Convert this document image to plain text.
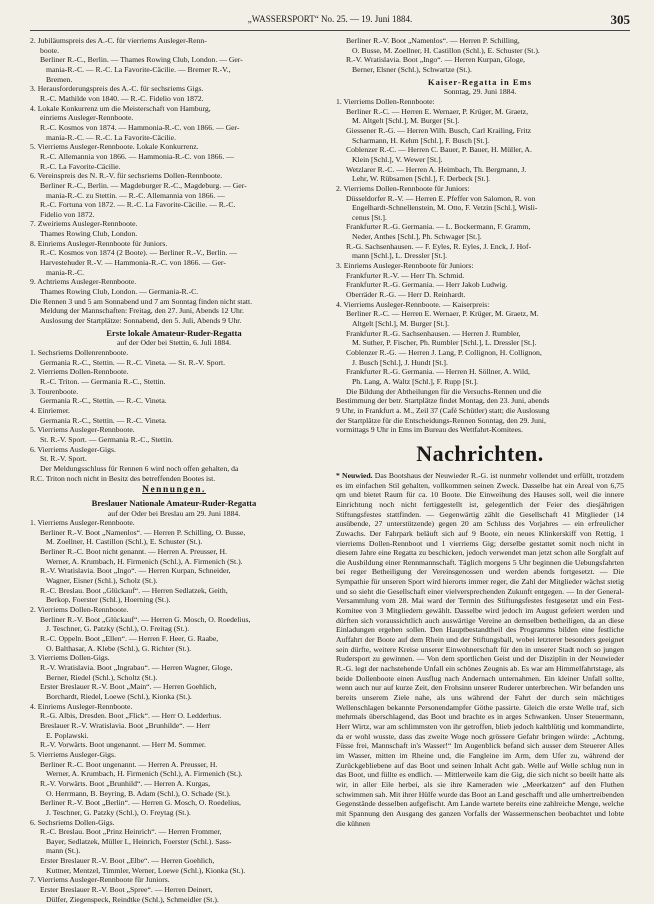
„WASSERSPORT“ No. 25. — 19. Juni 1884.	305

2. Jubiläumspreis des A.-C. für vierriems Ausleger-Renn-

boote.

Berliner R.-C., Berlin. — Thames Rowing Club, London. — Ger-

mania-R.-C. — R.-C. La Favorite-Cäcilie. — Bremer R.-V.,

Bremen.

3. Herausforderungspreis des A.-C. für sechsriems Gigs.

R.-C. Mathilde von 1840. — R.-C. Fidelio von 1872.

4. Lokale Konkurrenz um die Meisterschaft von Hamburg,

einriems Ausleger-Rennboote.

R.-C. Kosmos von 1874. — Hammonia-R.-C. von 1866. — Ger-

mania-R.-C. — R.-C. La Favorite-Cäcilie.

5. Vierriems Ausleger-Rennboote. Lokale Konkurrenz.

R.-C. Allemannia von 1866. — Hammonia-R.-C. von 1866. —

R.-C. La Favorite-Cäcilie.

6. Vereinspreis des N. R.-V. für sechsriems Dollen-Rennboote.

Berliner R.-C., Berlin. — Magdeburger R.-C., Magdeburg. — Ger-

mania-R.-C. zu Stettin. — R.-C. Allemannia von 1866. —

R.-C. Fortuna von 1872. — R.-C. La Favorite-Cäcilie. — R.-C.

Fidelio von 1872.

7. Zweiriems Ausleger-Rennboote.

Thames Rowing Club, London.

8. Einriems Ausleger-Rennboote für Juniors.

R.-C. Kosmos von 1874 (2 Boote). — Berliner R.-V., Berlin. —

Harvestehuder R.-V. — Hammonia-R.-C. von 1866. — Ger-

mania-R.-C.

9. Achtriems Ausleger-Rennboote.

Thames Rowing Club, London. — Germania-R.-C.

Die Rennen 3 und 5 am Sonnabend und 7 am Sonntag finden nicht statt.

Meldung der Mannschaften: Freitag, den 27. Juni, Abends 12 Uhr.

Auslosung der Startplätze: Sonnabend, den 5. Juli, Abends 9 Uhr.

Erste lokale Amateur-Ruder-Regatta

auf der Oder bei Stettin, 6. Juli 1884.

1. Sechsriems Dollenrennboote.

Germania R.-C., Stettin. — R.-C. Vineta. — St. R.-V. Sport.

2. Vierriems Dollen-Rennboote.

R.-C. Triton. — Germania R.-C., Stettin.

3. Tourenboote.

Germania R.-C., Stettin. — R.-C. Vineta.

4. Einriemer.

Germania R.-C., Stettin. — R.-C. Vineta.

5. Vierriems Ausleger-Rennboote.

St. R.-V. Sport. — Germania R.-C., Stettin.

6. Vierriems Ausleger-Gigs.

St. R.-V. Sport.

Der Meldungsschluss für Rennen 6 wird noch offen gehalten, da

R.C. Triton noch nicht in Besitz des betreffenden Bootes ist.

Nennungen.

Breslauer Nationale Amateur-Ruder-Regatta

auf der Oder bei Breslau am 29. Juni 1884.

1. Vierriems Ausleger-Rennboote.

Berliner R.-V. Boot „Namenlos“. — Herren P. Schilling, O. Busse,

M. Zoellner, H. Castillon (Schl.), E. Schuster (St.).

Berliner R.-C. Boot nicht genannt. — Herren A. Preusser, H.

Werner, A. Krumbach, H. Firmenich (Schl.), A. Firmenich (St.).

R.-V. Wratislavia. Boot „Ingo“. — Herren Kurpan, Schneider,

Wagner, Eisner (Schl.), Scholz (St.).

R.-C. Breslau. Boot „Glückauf“. — Herren Sedlatzek, Geith,

Berkop, Foerster (Schl.), Hoerning (St.).

2. Vierriems Dollen-Rennboote.

Berliner R.-V. Boot „Glückauf“. — Herren G. Mosch, O. Roedelius,

J. Teschner, G. Patzky (Schl.), O. Freitag (St.).

R.-C. Oppeln. Boot „Ellen“. — Herren F. Heer, G. Raabe,

O. Balthasar, A. Klebe (Schl.), G. Richter (St.).

3. Vierriems Dollen-Gigs.

R.-V. Wratislavia. Boot „Ingrabau“. — Herren Wagner, Gloge,

Berner, Riedel (Schl.), Scholtz (St.).

Erster Breslauer R.-V. Boot „Main“. — Herren Goehlich,

Borchardt, Riedel, Loewe (Schl.), Kionka (St.).

4. Einriems Ausleger-Rennboote.

R.-G. Albis, Dresden. Boot „Flick“. — Herr O. Ledderhus.

Breslauer R.-V. Wratislavia. Boot „Brunhilde“. — Herr

E. Poplawski.

R.-V. Vorwärts. Boot ungenannt. — Herr M. Sommer.

5. Vierriems Ausleger-Gigs.

Berliner R.-C. Boot ungenannt. — Herren A. Preusser, H.

Werner, A. Krumbach, H. Firmenich (Schl.), A. Firmenich (St.).

R.-V. Vorwärts. Boot „Brunhild“. — Herren A. Kurgas,

O. Herrmann, B. Beyring, B. Adam (Schl.), O. Schade (St.).

Berliner R.-V. Boot „Berlin“. — Herren G. Mosch, O. Roedelius,

J. Teschner, G. Patzky (Schl.), O. Freytag (St.).

6. Sechsriems Dollen-Gigs.

R.-C. Breslau. Boot „Prinz Heinrich“. — Herren Frommer,

Bayer, Sedlatzek, Müller I., Heinrich, Foerster (Schl.). Sass-

mann (St.).

Erster Breslauer R.-V. Boot „Elbe“. — Herren Goehlich,

Kuttner, Mentzel, Timmler, Werner, Loewe (Schl.), Kionka (St.).

7. Vierriems Ausleger-Rennboote für Juniors.

Erster Breslauer R.-V. Boot „Spree“. — Herren Deinert,

Dülfer, Ziegenspeck, Reindtke (Schl.), Schmeidler (St.).

Berliner R.-V. Boot „Namenlos“. — Herren P. Schilling,

O. Busse, M. Zoellner, H. Castillon (Schl.), E. Schuster (St.).

R.-V. Wratislavia. Boot „Ingo“. — Herren Kurpan, Gloge,

Berner, Elsner (Schl.), Schwartze (St.).

Kaiser-Regatta in Ems

Sonntag, 29. Juni 1884.

1. Vierriems Dollen-Rennboote:

Berliner R.-C. — Herren E. Wernaer, P. Krüger, M. Graetz,

M. Altgelt [Schl.], M. Burger [St.].

Giessener R.-G. — Herren Wilh. Busch, Carl Krailing, Fritz

Scharmann, H. Kehm [Schl.], F. Busch [St.].

Coblenzer R.-C. — Herren C. Bauer, P. Bauer, H. Müller, A.

Klein [Schl.], V. Wewer [St.].

Wetzlarer R.-C. — Herren A. Heimbach, Th. Bergmann, J.

Lehr, W. Rübsamen [Schl.], F. Derbeck [St.].

2. Vierriems Dollen-Rennboote für Juniors:

Düsseldorfer R.-V. — Herren E. Pfeffer von Salomon, R. von

Engelhardt-Schnellenstein, M. Otto, F. Vetzin [Schl.], Wisli-

cenus [St.].

Frankfurter R.-G. Germania. — L. Bockermann, F. Gramm,

Neder, Anthes [Schl.], Ph. Schwager [St.].

R.-G. Sachsenhausen. — F. Eyles, R. Eyles, J. Enck, J. Hof-

mann [Schl.], L. Dressler [St.].

3. Einriems Ausleger-Rennboote für Juniors:

Frankfurter R.-V. — Herr Th. Schmid.

Frankfurter R.-G. Germania. — Herr Jakob Ludwig.

Oberräder R.-G. — Herr D. Reinhardt.

4. Vierriems Ausleger-Rennboote. — Kaiserpreis:

Berliner R.-C. — Herren E. Wernaer, P. Krüger, M. Graetz, M.

Altgelt [Schl.], M. Burger [St.].

Frankfurter R.-G. Sachsenhausen. — Herren J. Rumbler,

M. Suther, P. Fischer, Ph. Rumbler [Schl.], L. Dressler [St.].

Coblenzer R.-G. — Herren J. Lang, P. Collignon, H. Collignon,

J. Busch [Schl.], J. Hundt [St.].

Frankfurter R.-G. Germania. — Herren H. Söllner, A. Wild,

Ph. Lang, A. Waltz [Schl.], F. Rupp [St.].

Die Bildung der Abtheilungen für die Versuchs-Rennen und die

Bestimmung der betr. Startplätze findet Montag, den 23. Juni, abends

9 Uhr, in Frankfurt a. M., Zeil 37 (Café Schütler) statt; die Auslosung

der Startplätze für die Entscheidungs-Rennen Sonntag, den 29. Juni,

vormittags 9 Uhr in Ems im Bureau des Wettfahrt-Komitees.

Nachrichten.

* Neuwied. Das Bootshaus der Neuwieder R.-G. ist nunmehr vollendet und erfüllt, trotzdem es im einfachen Stil gehalten, vollkommen seinen Zweck. Dasselbe hat ein Areal von 6,75 qm und bietet Raum für ca. 10 Boote. Die Einweihung des Hauses soll, weil die innere Einrichtung noch nicht fertiggestellt ist, gelegentlich der Feier des diesjährigen Stiftungsfestes stattfinden. — Gegenwärtig zählt die Gesellschaft 41 Mitglieder (14 ausübende, 27 unterstützende) gegen 20 am Schluss des Vorjahres — ein erfreulicher Zuwachs. Der Fahrpark beläuft sich auf 9 Boote, ein neues Klinkerskiff von Rettig, 1 vierriems Dollen-Rennboot und 1 vierriems Gig; derselbe gestattet somit noch nicht in diesem Jahre eine Regatta zu beschicken, jedoch verwendet man jetzt schon alle Sorgfalt auf die Ausbildung einer Rennmannschaft. Täglich morgens 5 Uhr beginnen die Uebungsfahrten bei reger Betheiligung der Vereinsgenossen und werden abends fortgesetzt. — Die Sympathie für unseren Sport wird hierorts immer reger, die Zahl der Mitglieder wächst stetig und so sieht die Gesellschaft einer vielversprechenden Zukunft entgegen. — In der General-Versammlung vom 28. Mai ward der Termin des Stiftungsfestes festgesetzt und ein Fest-Komitee von 3 Mitgliedern gewählt. Dasselbe wird jedoch im August gefeiert werden und dürften sich voraussichtlich auch auswärtige Vereine an demselben betheiligen, da an diese Einladungen ergehen sollen. Den Hauptbestandtheil des Programms bilden eine festliche Auffahrt der Boote auf dem Rhein und der Stiftungsball, wobei letzterer besonders geeignet sein dürfte, weitere Kreise unserer Einwohnerschaft für den in unserer Stadt noch so jungen Rudersport zu gewinnen. — Von dem sportlichen Geist und der Disziplin in der Neuwieder R.-G. legt der nachstehende Unfall ein schönes Zeugnis ab. Es war am Himmelfahrtstage, als beide Dollenboote einen Ausflug nach Andernach unternahmen. Ein kleiner Unfall sollte, wenn auch nur auf kurze Zeit, den Frohsinn unserer Ruderer unterbrechen. Wir befanden uns bereits unserem Ziele nahe, als uns während der Fahrt der durch sein mächtiges Wellenschlagen bekannte Personendampfer Göthe passirte. Gleich die erste Welle traf, sich mehrmals überschlagend, das Boot und brachte es in arges Schwanken. Unser Steuermann, Herr Wirtz, war am schlimmsten von ihr getroffen, blieb jedoch kaltblütig und kommandirte, da er wohl wusste, dass das zweite Woge noch grössere Gefahr bringen würde: „Achtung, Füsse frei, Mannschaft in's Wasser!“ Im Augenblick befand sich ausser dem Steuerer Alles im Wasser, mitten im Rheine und, die Fangleine im Arm, dem Ufer zu, während der Zurückgebliebene auf das Boot und seinen Inhalt Acht gab. Welle auf Welle schlug nun in das Boot, und füllte es endlich. — Mittlerweile kam die Gig, die sich nicht so beeilt hatte als wir, in aller Eile herbei, als sie ihre Kameraden wie „Meerkatzen“ auf den Fluthen schwimmen sah. Mit ihrer Hülfe wurde das Boot an Land geschafft und alle umhertreibenden Gegenstände desselben aufgefischt. Am Lande wartete bereits eine zahlreiche Menge, welche mit Spannung den Ausgang des ganzen Vorfalls der Wassermenschen beobachtet und lobte die kühnen
